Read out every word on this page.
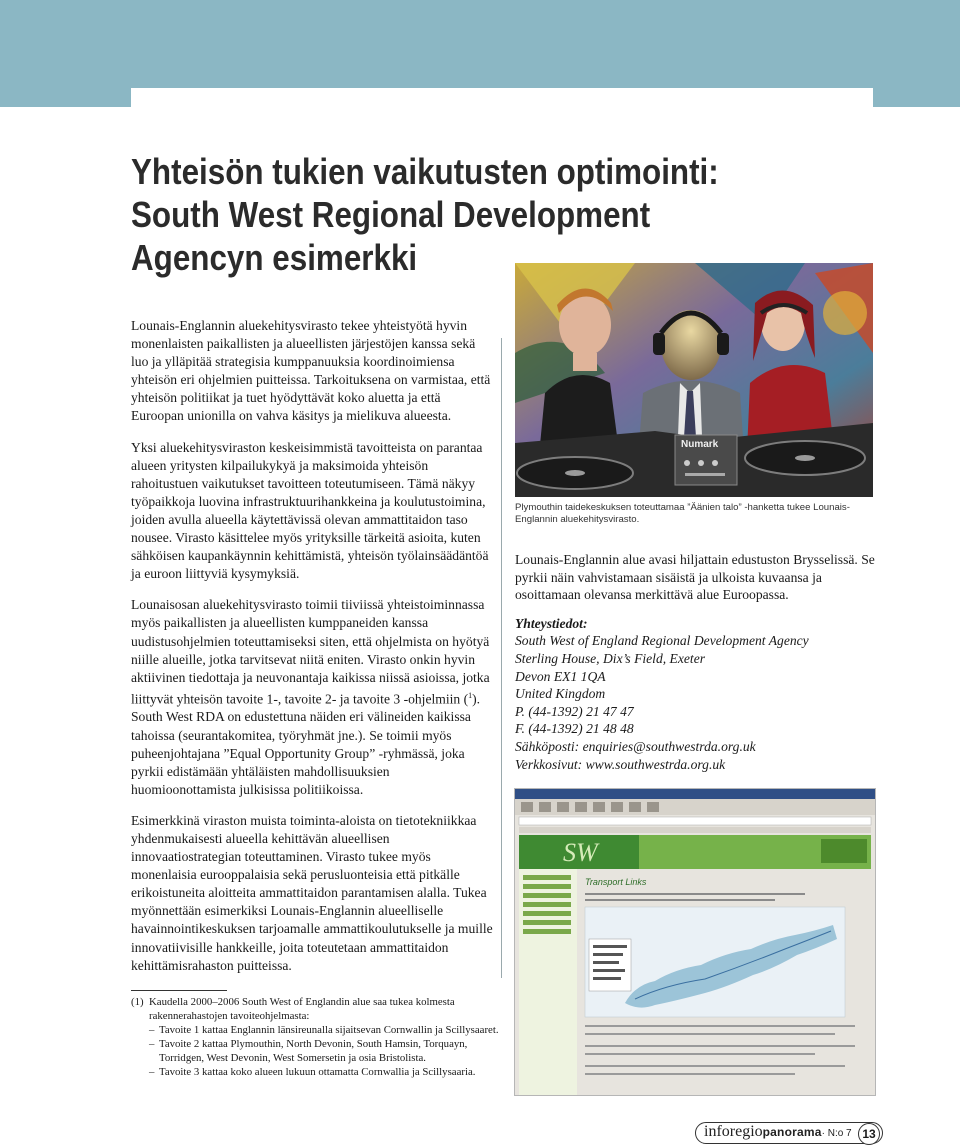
Yhteisön tukien vaikutusten optimointi:
South West Regional Development
Agencyn esimerkki

Lounais-Englannin aluekehitysvirasto tekee yhteistyötä hyvin monenlaisten paikallisten ja alueellisten järjestöjen kanssa sekä luo ja ylläpitää strategisia kumppanuuksia koordinoimiensa yhteisön eri ohjelmien puitteissa. Tarkoituksena on varmistaa, että yhteisön politiikat ja tuet hyödyttävät koko aluetta ja että Euroopan unionilla on vahva käsitys ja mielikuva alueesta.

Yksi aluekehitysviraston keskeisimmistä tavoitteista on parantaa alueen yritysten kilpailukykyä ja maksimoida yhteisön rahoitustuen vaikutukset tavoitteen toteutumiseen. Tämä näkyy työpaikkoja luovina infrastruktuurihankkeina ja koulutustoimina, joiden avulla alueella käytettävissä olevan ammattitaidon taso nousee. Virasto käsittelee myös yrityksille tärkeitä asioita, kuten sähköisen kaupankäynnin kehittämistä, yhteisön työlainsäädäntöä ja euroon liittyviä kysymyksiä.

Lounaisosan aluekehitysvirasto toimii tiiviissä yhteistoiminnassa myös paikallisten ja alueellisten kumppaneiden kanssa uudistusohjelmien toteuttamiseksi siten, että ohjelmista on hyötyä niille alueille, jotka tarvitsevat niitä eniten. Virasto onkin hyvin aktiivinen tiedottaja ja neuvonantaja kaikissa niissä asioissa, jotka liittyvät yhteisön tavoite 1-, tavoite 2- ja tavoite 3 -ohjelmiin ($^1$). South West RDA on edustettuna näiden eri välineiden kaikissa tahoissa (seurantakomitea, työryhmät jne.). Se toimii myös puheenjohtajana ”Equal Opportunity Group” -ryhmässä, joka pyrkii edistämään yhtäläisten mahdollisuuksien huomioonottamista julkisissa politiikoissa.

Esimerkkinä viraston muista toiminta-aloista on tietotekniikkaa yhdenmukaisesti alueella kehittävän alueellisen innovaatiostrategian toteuttaminen. Virasto tukee myös monenlaisia eurooppalaisia sekä perusluonteisia että pitkälle erikoistuneita aloitteita ammattitaidon parantamisen alalla. Tukea myönnettään esimerkiksi Lounais-Englannin alueelliselle havainnointikeskuksen tarjoamalle ammattikoulutukselle ja muille innovatiivisille hankkeille, joita toteutetaan ammattitaidon kehittämisrahaston puitteissa.

Numark
Plymouthin taidekeskuksen toteuttamaa ”Äänien talo” -hanketta tukee Lounais-Englannin aluekehitysvirasto.

Lounais-Englannin alue avasi hiljattain edustuston Brysselissä. Se pyrkii näin vahvistamaan sisäistä ja ulkoista kuvaansa ja osoittamaan olevansa merkittävä alue Euroopassa.

Yhteystiedot:
South West of England Regional Development Agency
Sterling House, Dix’s Field, Exeter
Devon EX1 1QA
United Kingdom
P. (44-1392) 21 47 47
F. (44-1392) 21 48 48
Sähköposti: enquiries@southwestrda.org.uk
Verkkosivut: www.southwestrda.org.uk
SW
Transport Links
(1) Kaudella 2000–2006 South West of Englandin alue saa tukea kolmesta rakennerahastojen tavoiteohjelmasta:
– Tavoite 1 kattaa Englannin länsireunalla sijaitsevan Cornwallin ja Scillysaaret.
– Tavoite 2 kattaa Plymouthin, North Devonin, South Hamsin, Torquayn, Torridgen, West Devonin, West Somersetin ja osia Bristolista.
– Tavoite 3 kattaa koko alueen lukuun ottamatta Cornwallia ja Scillysaaria.
inforegiopanorama· N:o 7 13
